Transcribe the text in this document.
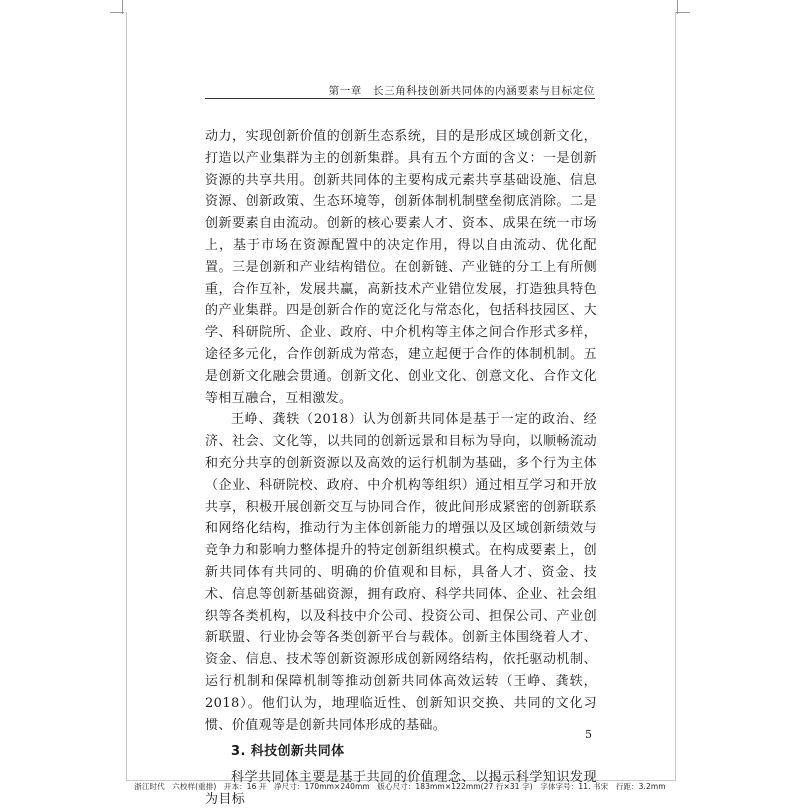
第一章　长三角科技创新共同体的内涵要素与目标定位

动力，实现创新价值的创新生态系统，目的是形成区域创新文化，打造以产业集群为主的创新集群。具有五个方面的含义：一是创新资源的共享共用。创新共同体的主要构成元素共享基础设施、信息资源、创新政策、生态环境等，创新体制机制壁垒彻底消除。二是创新要素自由流动。创新的核心要素人才、资本、成果在统一市场上，基于市场在资源配置中的决定作用，得以自由流动、优化配置。三是创新和产业结构错位。在创新链、产业链的分工上有所侧重，合作互补，发展共赢，高新技术产业错位发展，打造独具特色的产业集群。四是创新合作的宽泛化与常态化，包括科技园区、大学、科研院所、企业、政府、中介机构等主体之间合作形式多样，途径多元化，合作创新成为常态，建立起便于合作的体制机制。五是创新文化融会贯通。创新文化、创业文化、创意文化、合作文化等相互融合，互相激发。

王峥、龚轶（2018）认为创新共同体是基于一定的政治、经济、社会、文化等，以共同的创新远景和目标为导向，以顺畅流动和充分共享的创新资源以及高效的运行机制为基础，多个行为主体（企业、科研院校、政府、中介机构等组织）通过相互学习和开放共享，积极开展创新交互与协同合作，彼此间形成紧密的创新联系和网络化结构，推动行为主体创新能力的增强以及区域创新绩效与竞争力和影响力整体提升的特定创新组织模式。在构成要素上，创新共同体有共同的、明确的价值观和目标，具备人才、资金、技术、信息等创新基础资源，拥有政府、科学共同体、企业、社会组织等各类机构，以及科技中介公司、投资公司、担保公司、产业创新联盟、行业协会等各类创新平台与载体。创新主体围绕着人才、资金、信息、技术等创新资源形成创新网络结构，依托驱动机制、运行机制和保障机制等推动创新共同体高效运转（王峥、龚轶，2018）。他们认为，地理临近性、创新知识交换、共同的文化习惯、价值观等是创新共同体形成的基础。

3. 科技创新共同体

科学共同体主要是基于共同的价值理念、以揭示科学知识发现为目标

5
浙江时代　六校样(重排)　开本：16 开　净尺寸：170mm×240mm　版心尺寸：183mm×122mm(27 行×31 字)　字体字号：11. 书宋　行距：3.2mm
